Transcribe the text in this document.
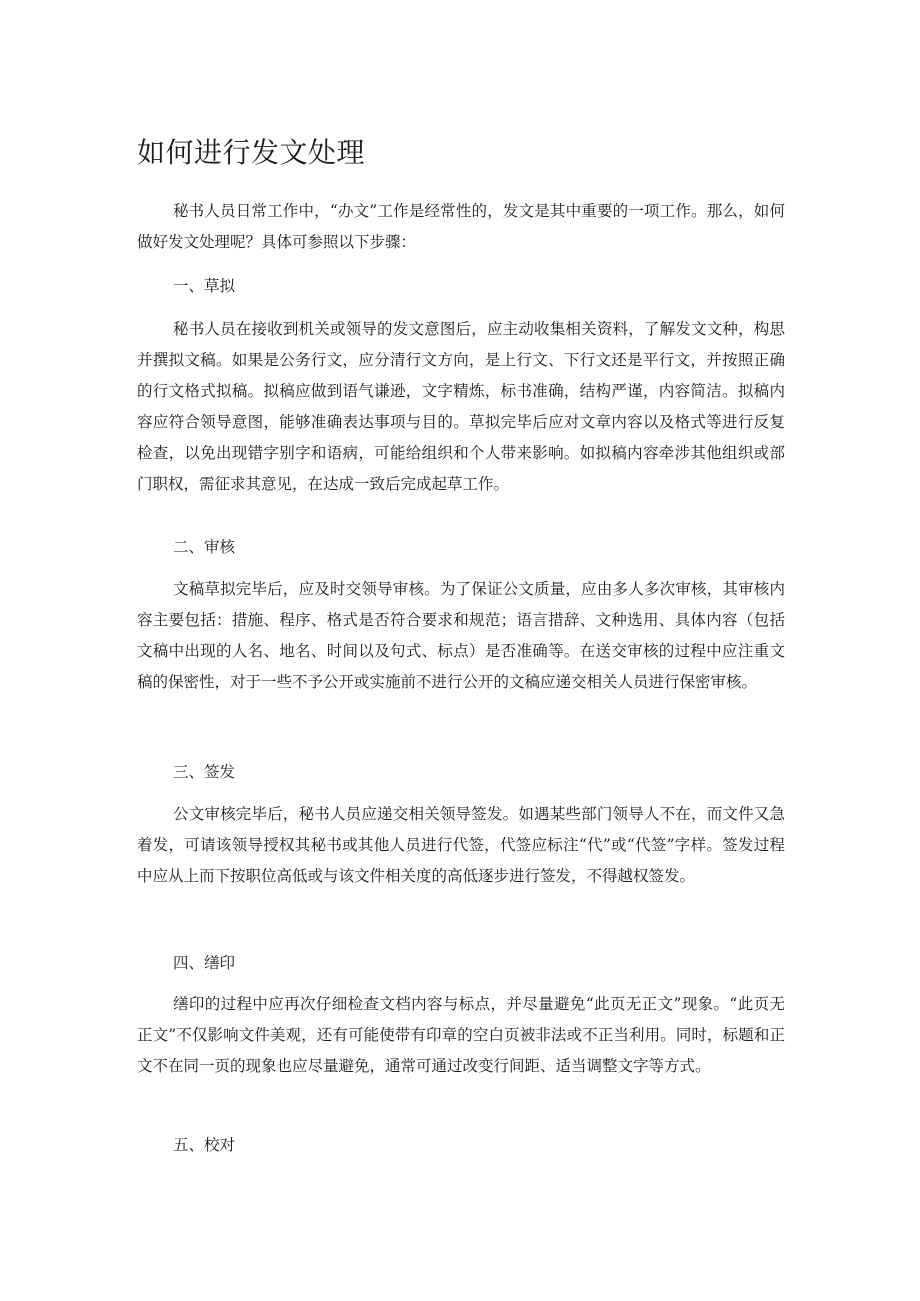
如何进行发文处理

秘书人员日常工作中，“办文”工作是经常性的，发文是其中重要的一项工作。那么，如何做好发文处理呢？具体可参照以下步骤：

一、草拟

秘书人员在接收到机关或领导的发文意图后，应主动收集相关资料，了解发文文种，构思并撰拟文稿。如果是公务行文，应分清行文方向，是上行文、下行文还是平行文，并按照正确的行文格式拟稿。拟稿应做到语气谦逊，文字精炼，标书准确，结构严谨，内容简洁。拟稿内容应符合领导意图，能够准确表达事项与目的。草拟完毕后应对文章内容以及格式等进行反复检查，以免出现错字别字和语病，可能给组织和个人带来影响。如拟稿内容牵涉其他组织或部门职权，需征求其意见，在达成一致后完成起草工作。

二、审核

文稿草拟完毕后，应及时交领导审核。为了保证公文质量，应由多人多次审核，其审核内容主要包括：措施、程序、格式是否符合要求和规范；语言措辞、文种选用、具体内容（包括文稿中出现的人名、地名、时间以及句式、标点）是否准确等。在送交审核的过程中应注重文稿的保密性，对于一些不予公开或实施前不进行公开的文稿应递交相关人员进行保密审核。

三、签发

公文审核完毕后，秘书人员应递交相关领导签发。如遇某些部门领导人不在，而文件又急着发，可请该领导授权其秘书或其他人员进行代签，代签应标注“代”或“代签”字样。签发过程中应从上而下按职位高低或与该文件相关度的高低逐步进行签发，不得越权签发。

四、缮印

缮印的过程中应再次仔细检查文档内容与标点，并尽量避免“此页无正文”现象。“此页无正文”不仅影响文件美观，还有可能使带有印章的空白页被非法或不正当利用。同时，标题和正文不在同一页的现象也应尽量避免，通常可通过改变行间距、适当调整文字等方式。

五、校对
